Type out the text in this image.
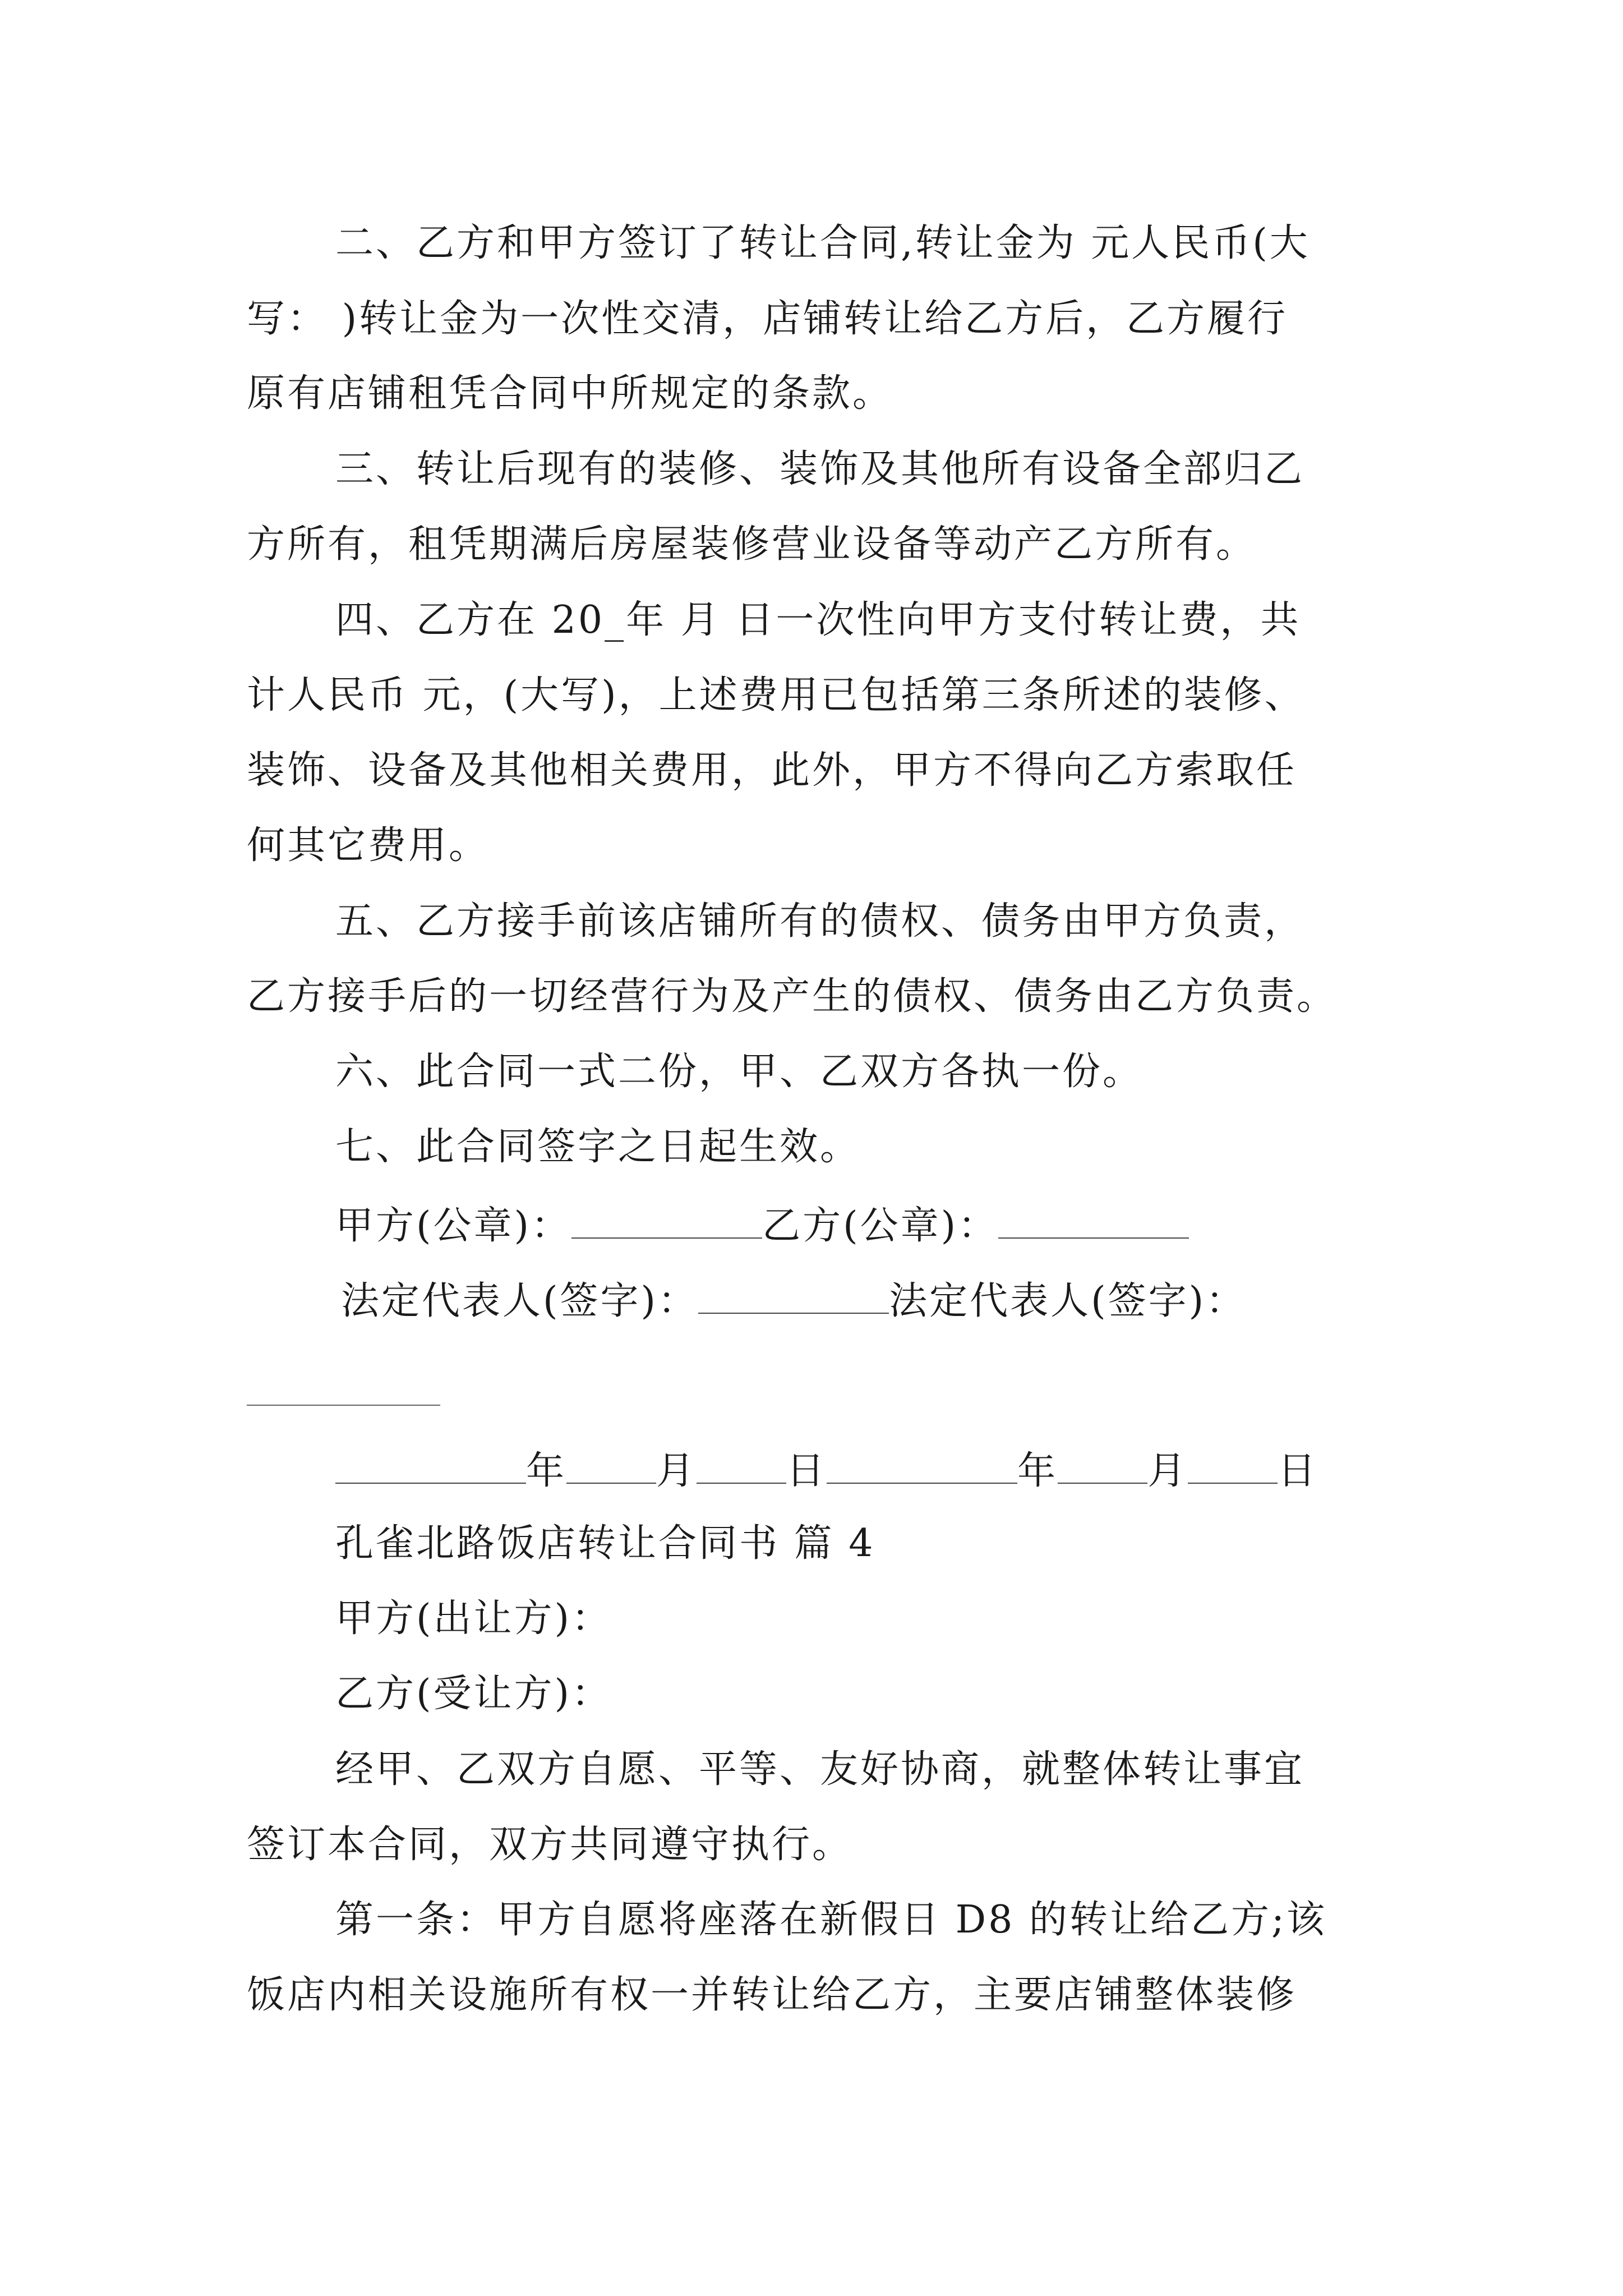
二、乙方和甲方签订了转让合同,转让金为 元人民币(大
写： )转让金为一次性交清，店铺转让给乙方后，乙方履行
原有店铺租凭合同中所规定的条款。
三、转让后现有的装修、装饰及其他所有设备全部归乙
方所有，租凭期满后房屋装修营业设备等动产乙方所有。
四、乙方在 20_年 月 日一次性向甲方支付转让费，共
计人民币 元，(大写)，上述费用已包括第三条所述的装修、
装饰、设备及其他相关费用，此外，甲方不得向乙方索取任
何其它费用。
五、乙方接手前该店铺所有的债权、债务由甲方负责，
乙方接手后的一切经营行为及产生的债权、债务由乙方负责。
六、此合同一式二份，甲、乙双方各执一份。
七、此合同签字之日起生效。
甲方(公章)：	乙方(公章)：
法定代表人(签字)：	法定代表人(签字)：
年 月 日	年 月 日
孔雀北路饭店转让合同书 篇 4
甲方(出让方)：
乙方(受让方)：
经甲、乙双方自愿、平等、友好协商，就整体转让事宜
签订本合同，双方共同遵守执行。
第一条：甲方自愿将座落在新假日 D8 的转让给乙方;该
饭店内相关设施所有权一并转让给乙方，主要店铺整体装修
